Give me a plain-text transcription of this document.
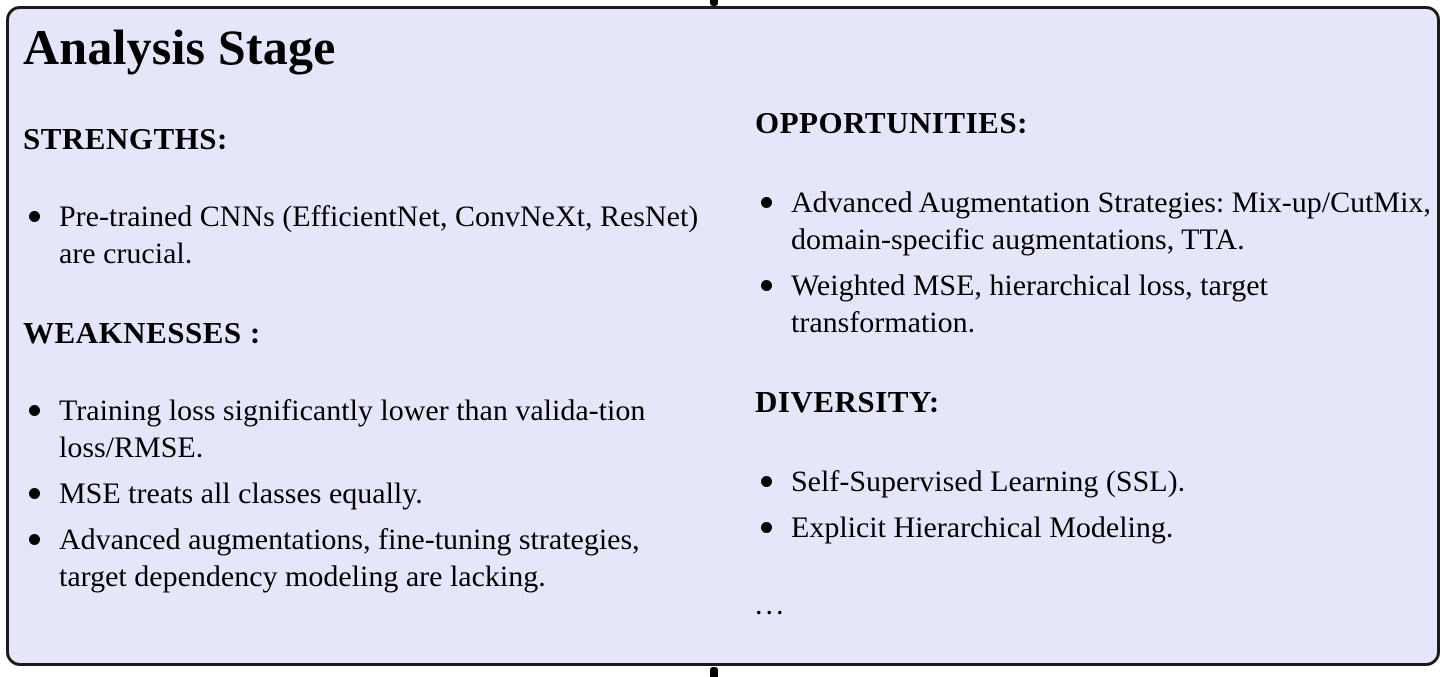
Analysis Stage
STRENGTHS:
Pre-trained CNNs (EfficientNet, ConvNeXt, ResNet) are crucial.
WEAKNESSES :
Training loss significantly lower than valida-tion loss/RMSE.
MSE treats all classes equally.
Advanced augmentations, fine-tuning strategies, target dependency modeling are lacking.
OPPORTUNITIES:
Advanced Augmentation Strategies: Mix-up/CutMix, domain-specific augmentations, TTA.
Weighted MSE, hierarchical loss, target transformation.
DIVERSITY:
Self-Supervised Learning (SSL).
Explicit Hierarchical Modeling.
...
